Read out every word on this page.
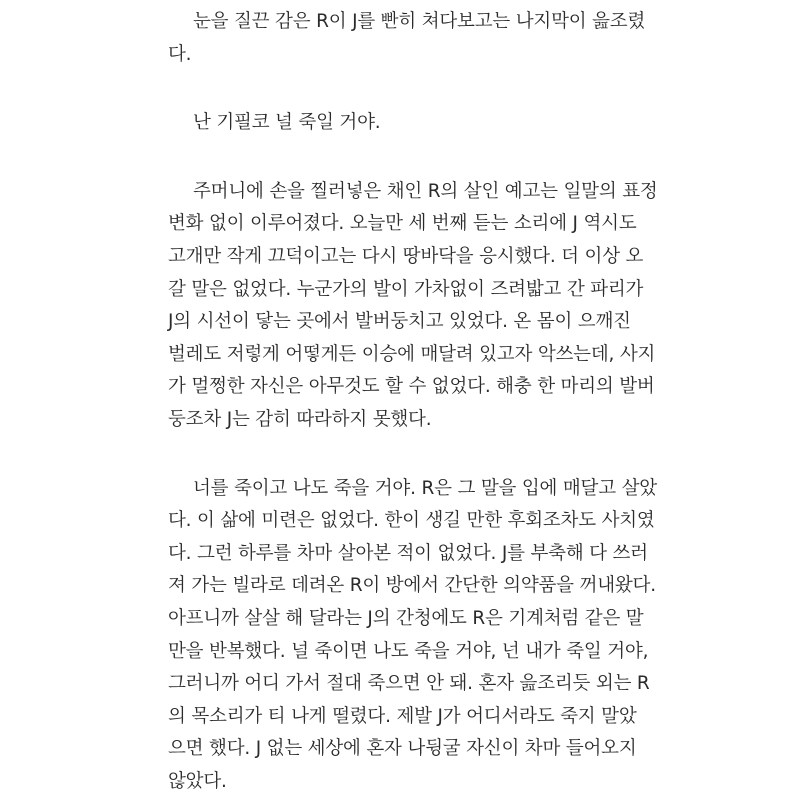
눈을 질끈 감은 R이 J를 빤히 쳐다보고는 나지막이 읊조렸
다.
난 기필코 널 죽일 거야.
주머니에 손을 찔러넣은 채인 R의 살인 예고는 일말의 표정
변화 없이 이루어졌다. 오늘만 세 번째 듣는 소리에 J 역시도
고개만 작게 끄덕이고는 다시 땅바닥을 응시했다. 더 이상 오
갈 말은 없었다. 누군가의 발이 가차없이 즈려밟고 간 파리가
J의 시선이 닿는 곳에서 발버둥치고 있었다. 온 몸이 으깨진
벌레도 저렇게 어떻게든 이승에 매달려 있고자 악쓰는데, 사지
가 멀쩡한 자신은 아무것도 할 수 없었다. 해충 한 마리의 발버
둥조차 J는 감히 따라하지 못했다.
너를 죽이고 나도 죽을 거야. R은 그 말을 입에 매달고 살았
다. 이 삶에 미련은 없었다. 한이 생길 만한 후회조차도 사치였
다. 그런 하루를 차마 살아본 적이 없었다. J를 부축해 다 쓰러
져 가는 빌라로 데려온 R이 방에서 간단한 의약품을 꺼내왔다.
아프니까 살살 해 달라는 J의 간청에도 R은 기계처럼 같은 말
만을 반복했다. 널 죽이면 나도 죽을 거야, 넌 내가 죽일 거야,
그러니까 어디 가서 절대 죽으면 안 돼. 혼자 읊조리듯 외는 R
의 목소리가 티 나게 떨렸다. 제발 J가 어디서라도 죽지 말았
으면 했다. J 없는 세상에 혼자 나뒹굴 자신이 차마 들어오지
않았다.
